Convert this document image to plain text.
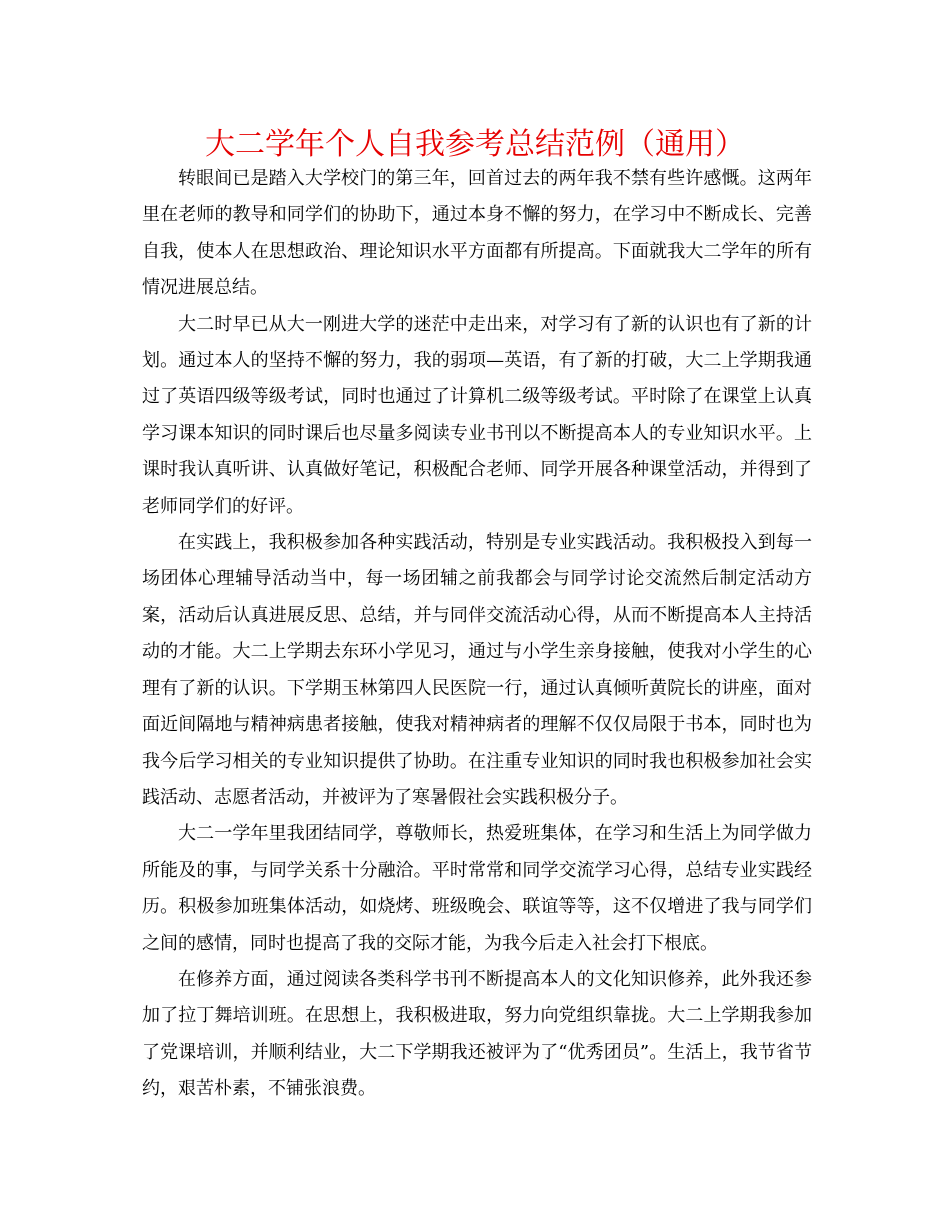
大二学年个人自我参考总结范例（通用）

转眼间已是踏入大学校门的第三年，回首过去的两年我不禁有些许感慨。这两年里在老师的教导和同学们的协助下，通过本身不懈的努力，在学习中不断成长、完善自我，使本人在思想政治、理论知识水平方面都有所提高。下面就我大二学年的所有情况进展总结。

大二时早已从大一刚进大学的迷茫中走出来，对学习有了新的认识也有了新的计划。通过本人的坚持不懈的努力，我的弱项—英语，有了新的打破，大二上学期我通过了英语四级等级考试，同时也通过了计算机二级等级考试。平时除了在课堂上认真学习课本知识的同时课后也尽量多阅读专业书刊以不断提高本人的专业知识水平。上课时我认真听讲、认真做好笔记，积极配合老师、同学开展各种课堂活动，并得到了老师同学们的好评。

在实践上，我积极参加各种实践活动，特别是专业实践活动。我积极投入到每一场团体心理辅导活动当中，每一场团辅之前我都会与同学讨论交流然后制定活动方案，活动后认真进展反思、总结，并与同伴交流活动心得，从而不断提高本人主持活动的才能。大二上学期去东环小学见习，通过与小学生亲身接触，使我对小学生的心理有了新的认识。下学期玉林第四人民医院一行，通过认真倾听黄院长的讲座，面对面近间隔地与精神病患者接触，使我对精神病者的理解不仅仅局限于书本，同时也为我今后学习相关的专业知识提供了协助。在注重专业知识的同时我也积极参加社会实践活动、志愿者活动，并被评为了寒暑假社会实践积极分子。

大二一学年里我团结同学，尊敬师长，热爱班集体，在学习和生活上为同学做力所能及的事，与同学关系十分融洽。平时常常和同学交流学习心得，总结专业实践经历。积极参加班集体活动，如烧烤、班级晚会、联谊等等，这不仅增进了我与同学们之间的感情，同时也提高了我的交际才能，为我今后走入社会打下根底。

在修养方面，通过阅读各类科学书刊不断提高本人的文化知识修养，此外我还参加了拉丁舞培训班。在思想上，我积极进取，努力向党组织靠拢。大二上学期我参加了党课培训，并顺利结业，大二下学期我还被评为了“优秀团员”。生活上，我节省节约，艰苦朴素，不铺张浪费。
